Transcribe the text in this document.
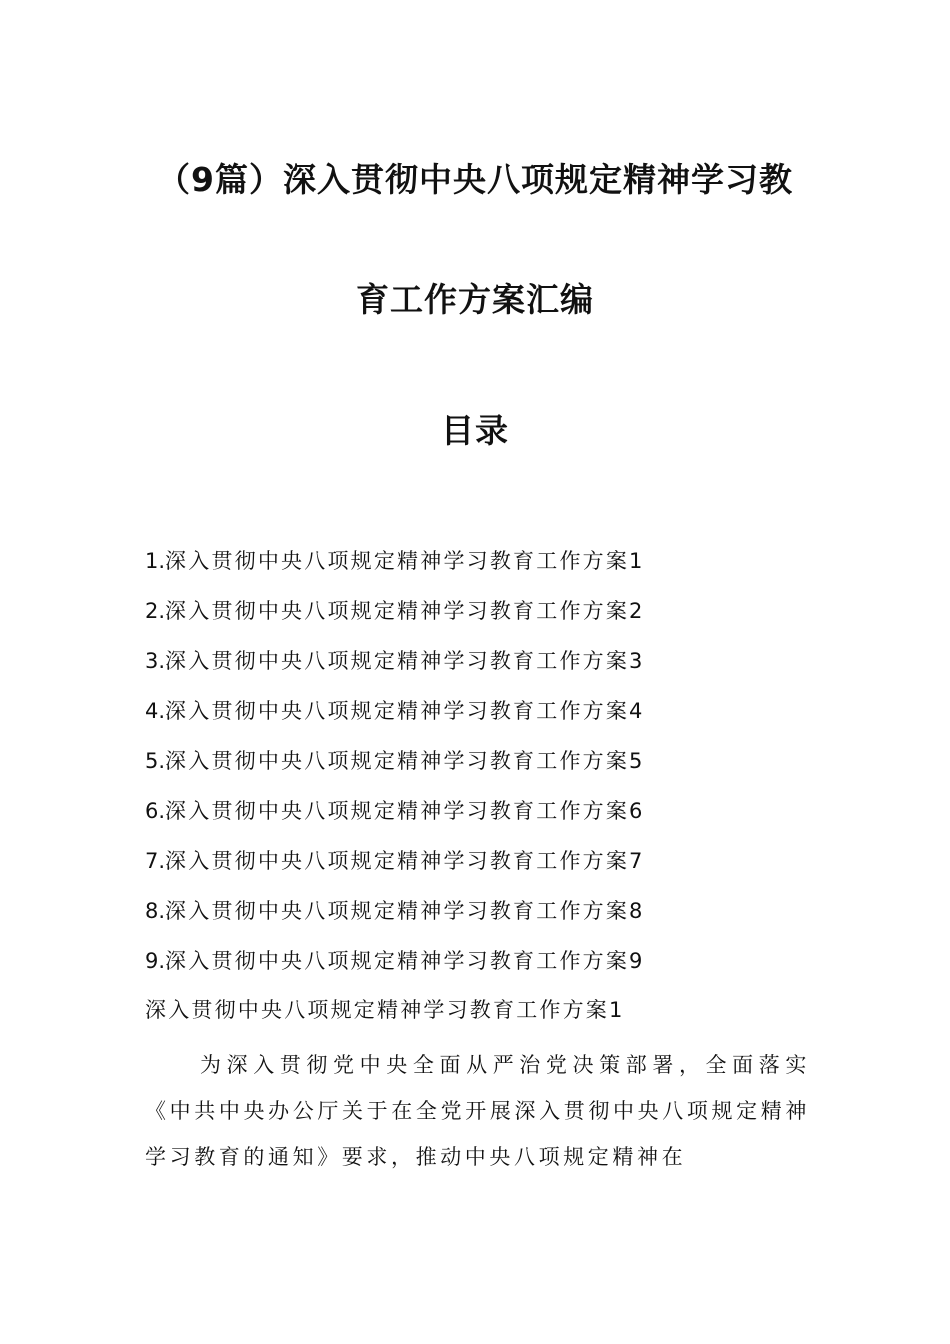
（9篇）深入贯彻中央八项规定精神学习教
育工作方案汇编
目录
1.深入贯彻中央八项规定精神学习教育工作方案1
2.深入贯彻中央八项规定精神学习教育工作方案2
3.深入贯彻中央八项规定精神学习教育工作方案3
4.深入贯彻中央八项规定精神学习教育工作方案4
5.深入贯彻中央八项规定精神学习教育工作方案5
6.深入贯彻中央八项规定精神学习教育工作方案6
7.深入贯彻中央八项规定精神学习教育工作方案7
8.深入贯彻中央八项规定精神学习教育工作方案8
9.深入贯彻中央八项规定精神学习教育工作方案9
深入贯彻中央八项规定精神学习教育工作方案1

为深入贯彻党中央全面从严治党决策部署，全面落实《中共中央办公厅关于在全党开展深入贯彻中央八项规定精神学习教育的通知》要求，推动中央八项规定精神在
